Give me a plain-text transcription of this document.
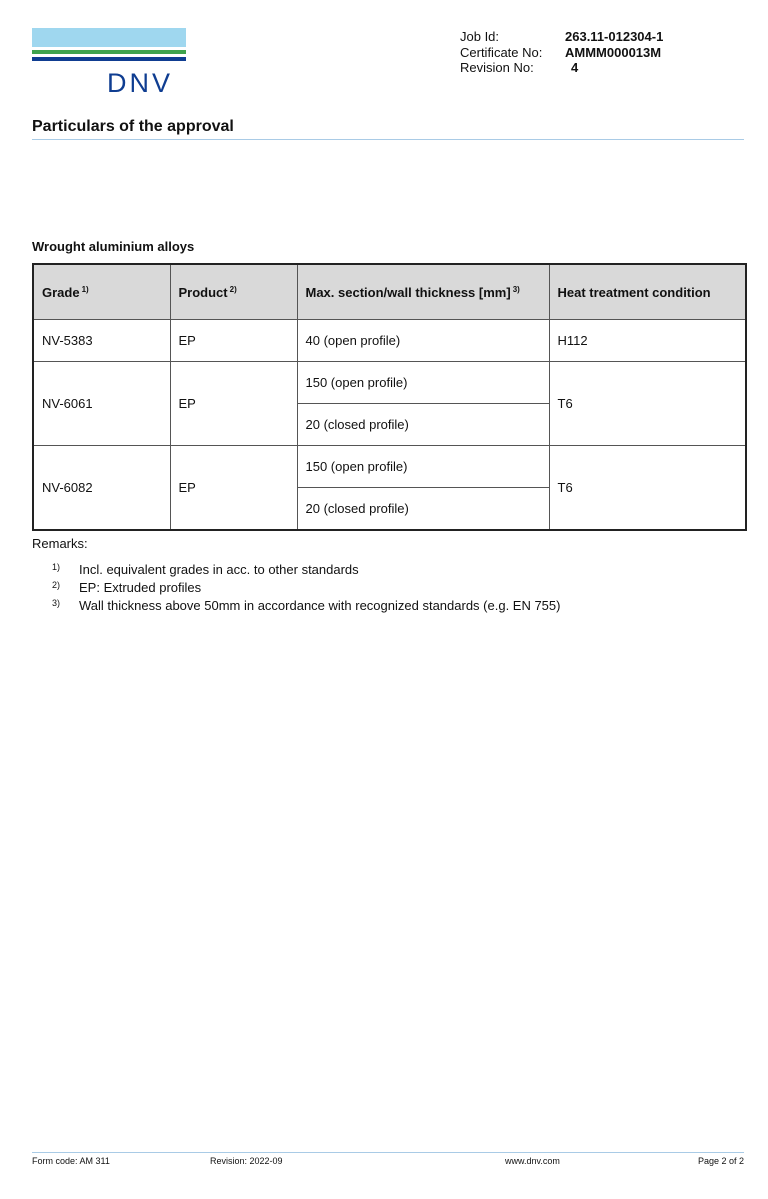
DNV
Job Id:	263.11-012304-1
Certificate No:	AMMM000013M
Revision No:	4
Particulars of the approval
Wrought aluminium alloys
Grade $^{1)}$	Product $^{2)}$	Max. section/wall thickness [mm] $^{3)}$	Heat treatment condition
NV-5383	EP	40 (open profile)	H112
NV-6061	EP	150 (open profile)	T6
		20 (closed profile)	
NV-6082	EP	150 (open profile)	T6
		20 (closed profile)	
Remarks:
1)	Incl. equivalent grades in acc. to other standards
2)	EP: Extruded profiles
3)	Wall thickness above 50mm in accordance with recognized standards (e.g. EN 755)
Form code: AM 311	Revision: 2022-09	www.dnv.com	Page 2 of 2
